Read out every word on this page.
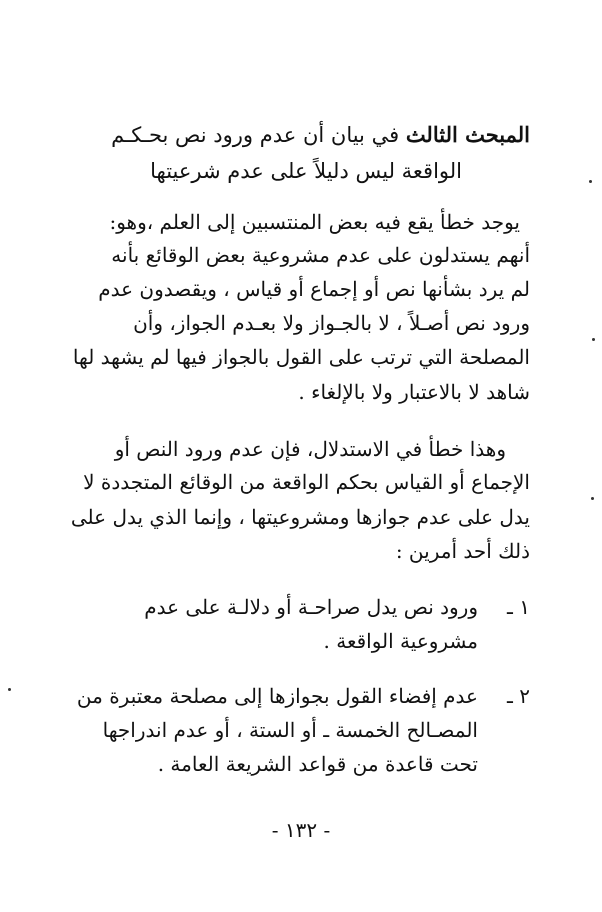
المبحث الثالث في بيان أن عدم ورود نص بحـكـم
الواقعة ليس دليلاً على عدم شرعيتها
يوجد خطأ يقع فيه بعض المنتسبين إلى العلم ،وهو:
أنهم يستدلون على عدم مشروعية بعض الوقائع بأنه
لم يرد بشأنها نص أو إجماع أو قياس ، ويقصدون عدم
ورود نص أصـلاً ، لا بالجـواز ولا بعـدم الجواز، وأن
المصلحة التي ترتب على القول بالجواز فيها لم يشهد لها
شاهد لا بالاعتبار ولا بالإلغاء .
وهذا خطأ في الاستدلال، فإن عدم ورود النص أو
الإجماع أو القياس بحكم الواقعة من الوقائع المتجددة لا
يدل على عدم جوازها ومشروعيتها ، وإنما الذي يدل على
ذلك أحد أمرين :
١ ـ
ورود نص يدل صراحـة أو دلالـة على عدم
مشروعية الواقعة .
٢ ـ
عدم إفضاء القول بجوازها إلى مصلحة معتبرة من
المصـالح الخمسة ـ أو الستة ، أو عدم اندراجها
تحت قاعدة من قواعد الشريعة العامة .
- ١٣٢ -
